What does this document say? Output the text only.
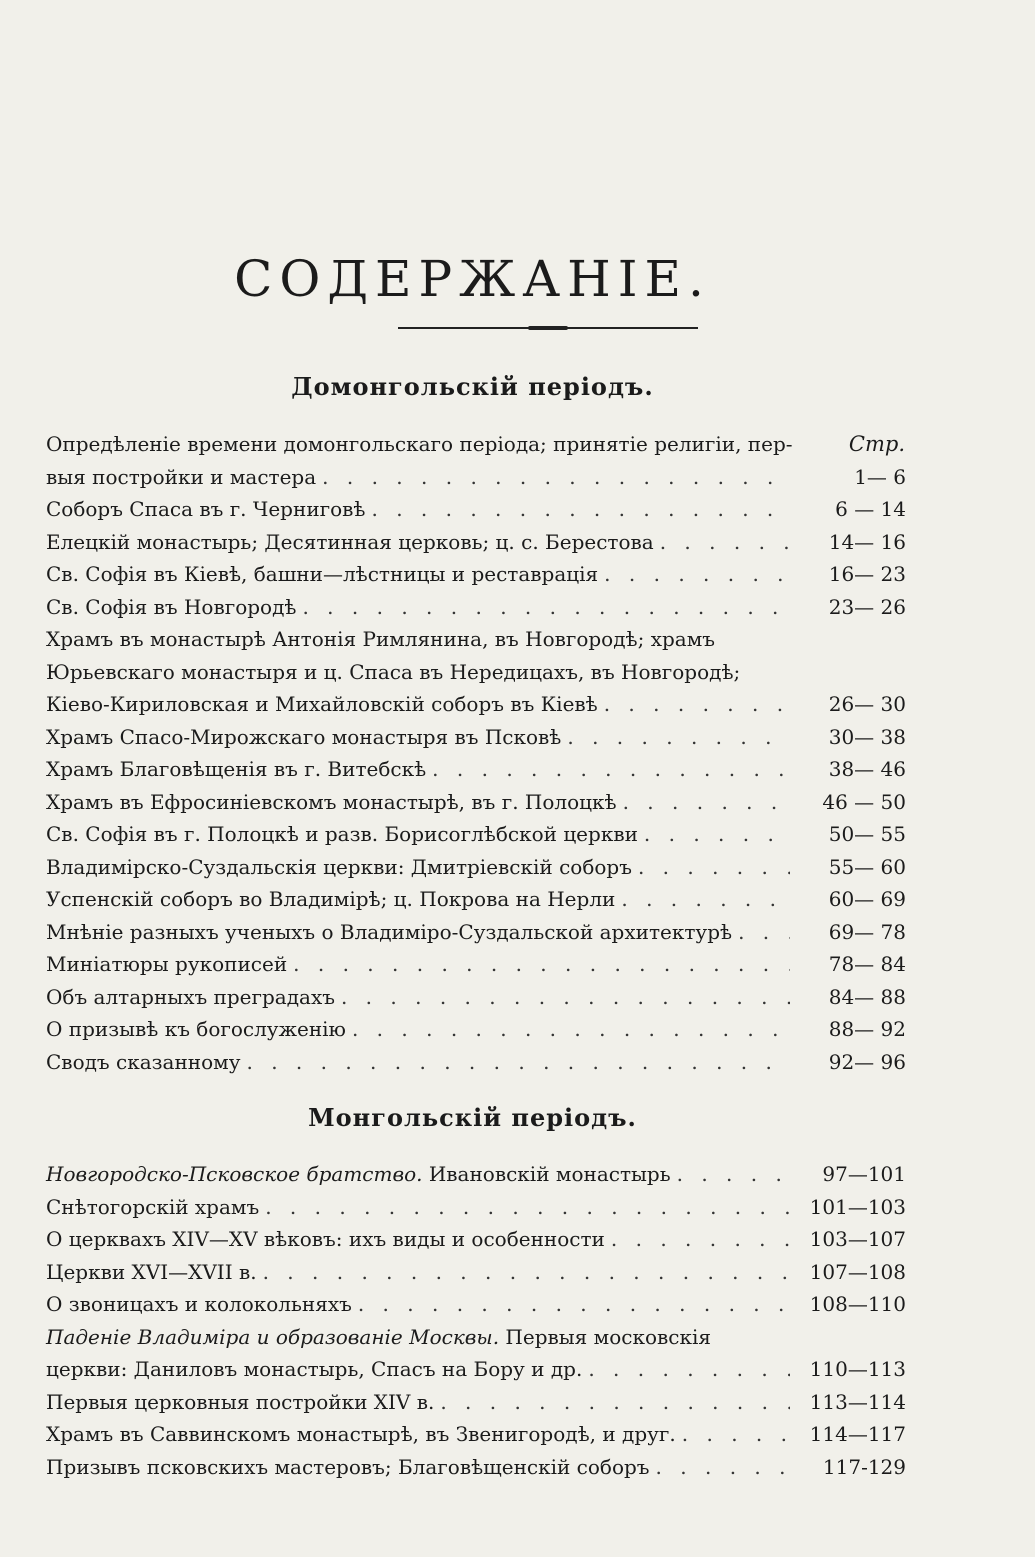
СОДЕРЖАНІЕ.
Домонгольскій періодъ.
Стр.
Опредѣленіе времени домонгольскаго періода; принятіе религіи, пер-
выя постройки и мастера . . .	1— 6
Соборъ Спаса въ г. Черниговѣ . . .	6 — 14
Елецкій монастырь; Десятинная церковь; ц. с. Берестова . . .	14— 16
Св. Софія въ Кіевѣ, башни—лѣстницы и реставрація . . .	16— 23
Св. Софія въ Новгородѣ . . .	23— 26
Храмъ въ монастырѣ Антонія Римлянина, въ Новгородѣ; храмъ
Юрьевскаго монастыря и ц. Спаса въ Нередицахъ, въ Новгородѣ;
Кіево-Кириловская и Михайловскій соборъ въ Кіевѣ . . .	26— 30
Храмъ Спасо-Мирожскаго монастыря въ Псковѣ . . .	30— 38
Храмъ Благовѣщенія въ г. Витебскѣ . . .	38— 46
Храмъ въ Ефросиніевскомъ монастырѣ, въ г. Полоцкѣ . . .	46 — 50
Св. Софія въ г. Полоцкѣ и разв. Борисоглѣбской церкви . . .	50— 55
Владимірско-Суздальскія церкви: Дмитріевскій соборъ . . .	55— 60
Успенскій соборъ во Владимірѣ; ц. Покрова на Нерли . . .	60— 69
Мнѣніе разныхъ ученыхъ о Владиміро-Суздальской архитектурѣ . . .	69— 78
Миніатюры рукописей . . .	78— 84
Объ алтарныхъ преградахъ . . .	84— 88
О призывѣ къ богослуженію . . .	88— 92
Сводъ сказанному . . .	92— 96
Монгольскій періодъ.
Новгородско-Псковское братство. Ивановскій монастырь . . .	97—101
Снѣтогорскій храмъ . . .	101—103
О церквахъ XIV—XV вѣковъ: ихъ виды и особенности . . .	103—107
Церкви XVI—XVII в. . . .	107—108
О звоницахъ и колокольняхъ . . .	108—110
Паденіе Владиміра и образованіе Москвы. Первыя московскія
церкви: Даниловъ монастырь, Спасъ на Бору и др. . . .	110—113
Первыя церковныя постройки XIV в. . . .	113—114
Храмъ въ Саввинскомъ монастырѣ, въ Звенигородѣ, и друг. . . .	114—117
Призывъ псковскихъ мастеровъ; Благовѣщенскій соборъ . . .	117-129
